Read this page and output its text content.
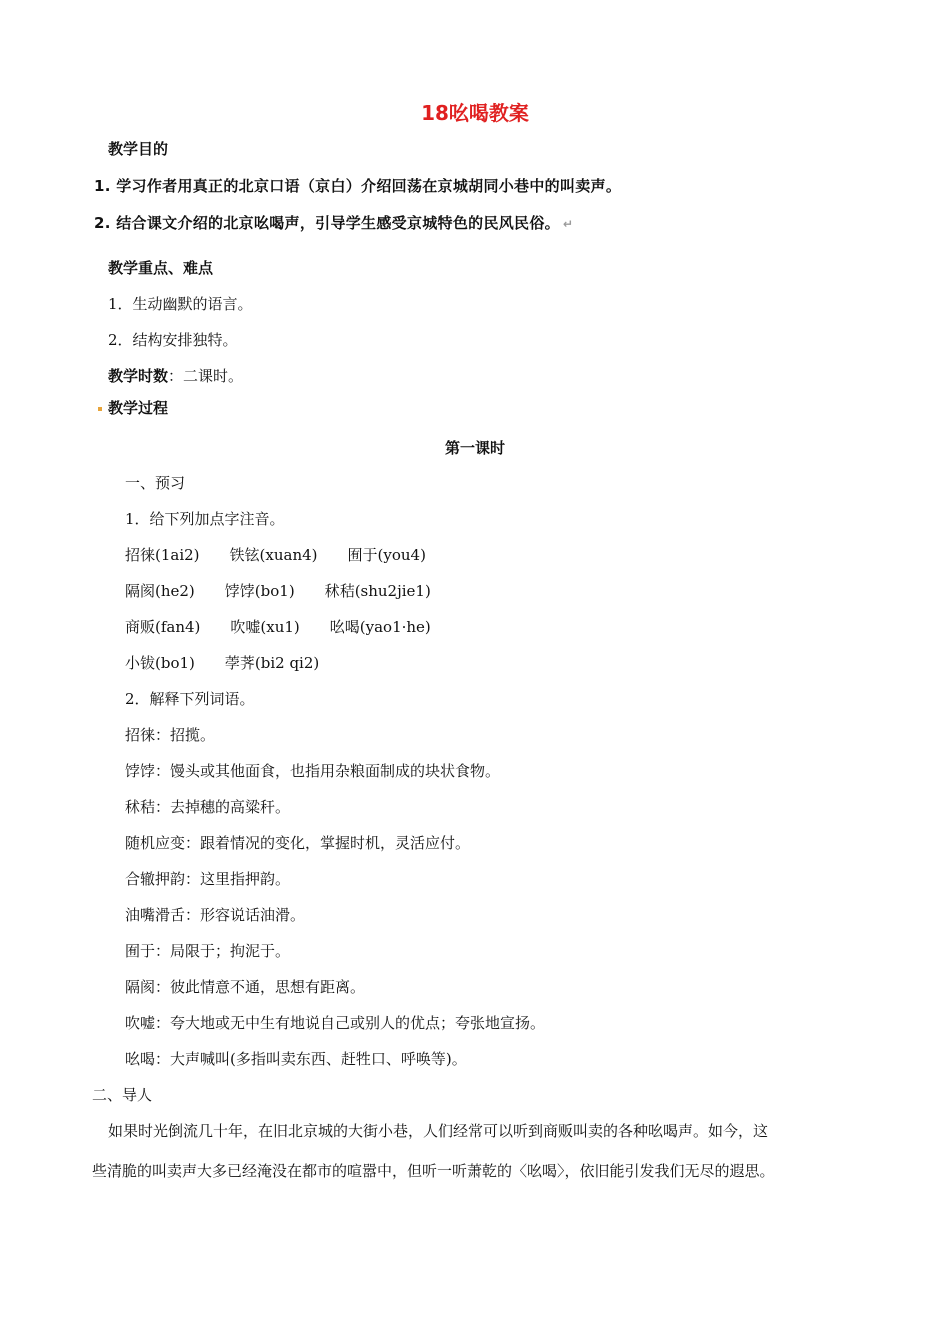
18吆喝教案
教学目的
1. 学习作者用真正的北京口语（京白）介绍回荡在京城胡同小巷中的叫卖声。
2. 结合课文介绍的北京吆喝声，引导学生感受京城特色的民风民俗。 ↵
教学重点、难点
1．生动幽默的语言。
2．结构安排独特。
教学时数：二课时。
教学过程
第一课时
一、预习
1．给下列加点字注音。
招徕(1ai2) 铁铉(xuan4) 囿于(you4)
隔阂(he2) 饽饽(bo1) 秫秸(shu2jie1)
商贩(fan4) 吹嘘(xu1) 吆喝(yao1·he)
小钹(bo1) 荸荠(bi2 qi2)
2．解释下列词语。
招徕：招揽。
饽饽：馒头或其他面食，也指用杂粮面制成的块状食物。
秫秸：去掉穗的高粱秆。
随机应变：跟着情况的变化，掌握时机，灵活应付。
合辙押韵：这里指押韵。
油嘴滑舌：形容说话油滑。
囿于：局限于；拘泥于。
隔阂：彼此情意不通，思想有距离。
吹嘘：夸大地或无中生有地说自己或别人的优点；夸张地宣扬。
吆喝：大声喊叫(多指叫卖东西、赶牲口、呼唤等)。
二、导人
如果时光倒流几十年，在旧北京城的大街小巷，人们经常可以听到商贩叫卖的各种吆喝声。如今，这
些清脆的叫卖声大多已经淹没在都市的喧嚣中，但听一听萧乾的〈吆喝〉，依旧能引发我们无尽的遐思。
